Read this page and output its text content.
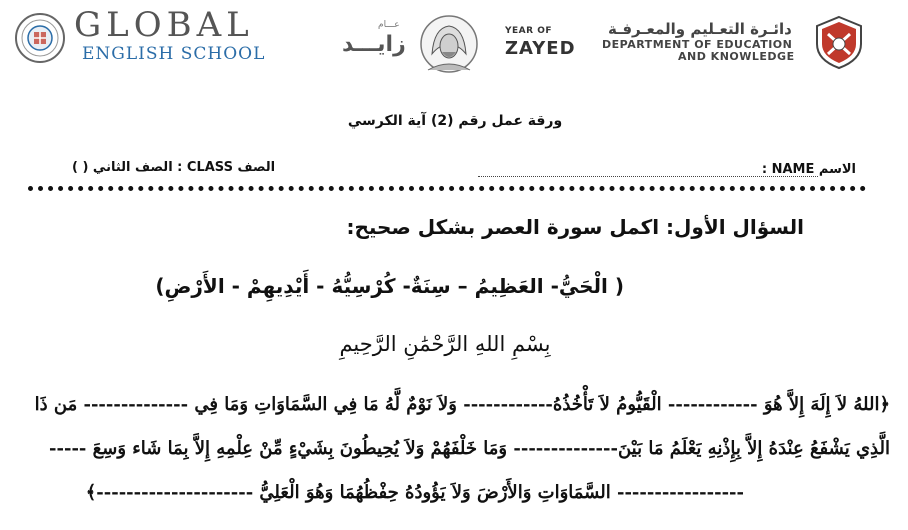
GLOBAL
ENGLISH SCHOOL
عـــام
زايـــد
YEAR OF
ZAYED
دائـرة التعـليم والمعـرفـة
DEPARTMENT OF EDUCATION
AND KNOWLEDGE
ورقة عمل رقم (2) آية الكرسي
الاسم NAME :
الصف CLASS : الصف الثاني ( )
السؤال الأول: اكمل سورة العصر بشكل صحيح:
( الْحَيُّ- العَظِيمُ – سِنَةٌ- كُرْسِيُّهُ - أَيْدِيهِمْ - الأَرْضِ)
بِسْمِ اللهِ الرَّحْمَٰنِ الرَّحِيمِ
﴿اللهُ لاَ إِلَهَ إِلاَّ هُوَ ------------ الْقَيُّومُ لاَ تَأْخُذُهُ------------ وَلاَ نَوْمٌ لَّهُ مَا فِي السَّمَاوَاتِ وَمَا فِي -------------- مَن ذَا
الَّذِي يَشْفَعُ عِنْدَهُ إِلاَّ بِإِذْنِهِ يَعْلَمُ مَا بَيْنَ-------------- وَمَا خَلْفَهُمْ وَلاَ يُحِيطُونَ بِشَيْءٍ مِّنْ عِلْمِهِ إِلاَّ بِمَا شَاء وَسِعَ -----
----------------- السَّمَاوَاتِ وَالأَرْضَ وَلاَ يَؤُودُهُ حِفْظُهُمَا وَهُوَ الْعَلِيُّ ---------------------﴾
